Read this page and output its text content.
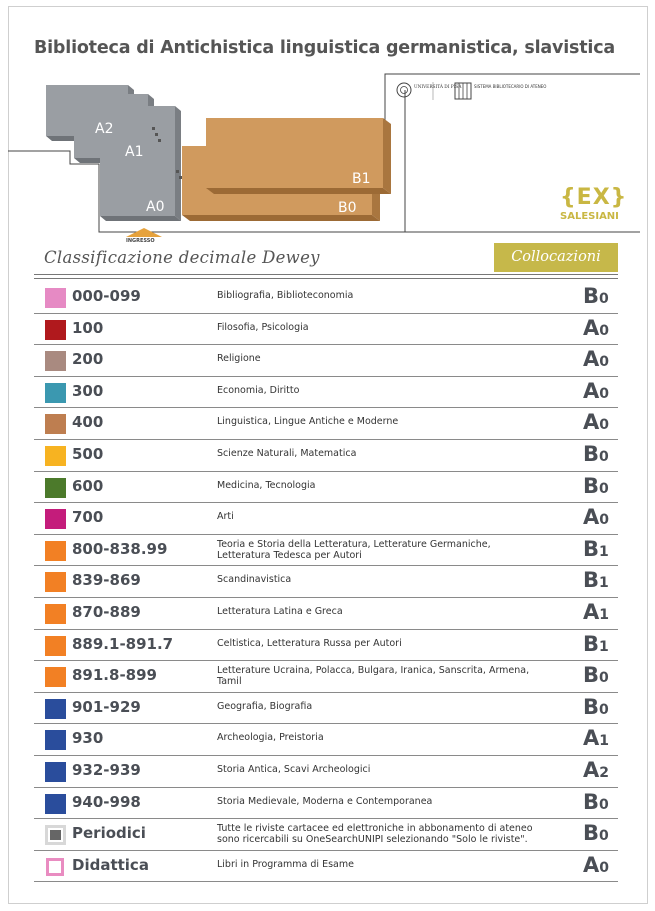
Biblioteca di Antichistica linguistica germanistica, slavistica
A2
A1
A0
B1
B0
INGRESSO
UNIVERSITÀ DI PISA	SISTEMA BIBLIOTECARIO DI ATENEO
{EX}
SALESIANI
Classificazione decimale Dewey	Collocazioni
000-099	Bibliografia, Biblioteconomia	B0
100	Filosofia, Psicologia	A0
200	Religione	A0
300	Economia, Diritto	A0
400	Linguistica, Lingue Antiche e Moderne	A0
500	Scienze Naturali, Matematica	B0
600	Medicina, Tecnologia	B0
700	Arti	A0
800-838.99	Teoria e Storia della Letteratura, Letterature Germaniche, Letteratura Tedesca per Autori	B1
839-869	Scandinavistica	B1
870-889	Letteratura Latina e Greca	A1
889.1-891.7	Celtistica, Letteratura Russa per Autori	B1
891.8-899	Letterature Ucraina, Polacca, Bulgara, Iranica, Sanscrita, Armena, Tamil	B0
901-929	Geografia, Biografia	B0
930	Archeologia, Preistoria	A1
932-939	Storia Antica, Scavi Archeologici	A2
940-998	Storia Medievale, Moderna e Contemporanea	B0
Periodici	Tutte le riviste cartacee ed elettroniche in abbonamento di ateneo sono ricercabili su OneSearchUNIPI selezionando "Solo le riviste".	B0
Didattica	Libri in Programma di Esame	A0
